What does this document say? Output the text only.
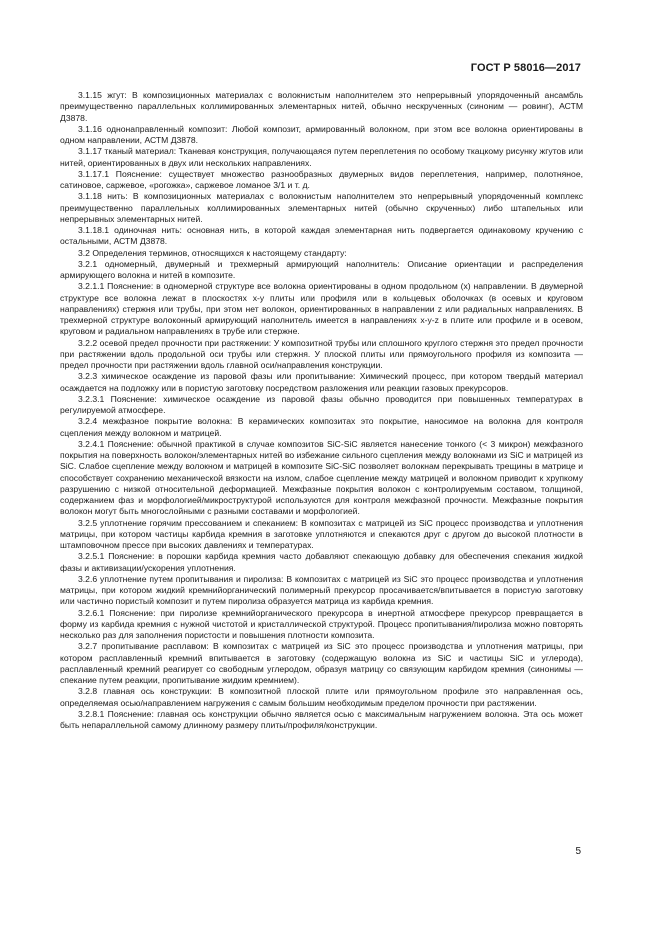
ГОСТ Р 58016—2017

3.1.15 жгут: В композиционных материалах с волокнистым наполнителем это непрерывный упорядоченный ансамбль преимущественно параллельных коллимированных элементарных нитей, обычно нескрученных (синоним — ровинг), АСТМ Д3878.

3.1.16 однонаправленный композит: Любой композит, армированный волокном, при этом все волокна ориентированы в одном направлении, АСТМ Д3878.

3.1.17 тканый материал: Тканевая конструкция, получающаяся путем переплетения по особому ткацкому рисунку жгутов или нитей, ориентированных в двух или нескольких направлениях.

3.1.17.1 Пояснение: существует множество разнообразных двумерных видов переплетения, например, полотняное, сатиновое, саржевое, «рогожка», саржевое ломаное 3/1 и т. д.

3.1.18 нить: В композиционных материалах с волокнистым наполнителем это непрерывный упорядоченный комплекс преимущественно параллельных коллимированных элементарных нитей (обычно скрученных) либо штапельных или непрерывных элементарных нитей.

3.1.18.1 одиночная нить: основная нить, в которой каждая элементарная нить подвергается одинаковому кручению с остальными, АСТМ Д3878.

3.2 Определения терминов, относящихся к настоящему стандарту:

3.2.1 одномерный, двумерный и трехмерный армирующий наполнитель: Описание ориентации и распределения армирующего волокна и нитей в композите.

3.2.1.1 Пояснение: в одномерной структуре все волокна ориентированы в одном продольном (x) направлении. В двумерной структуре все волокна лежат в плоскостях x-y плиты или профиля или в кольцевых оболочках (в осевых и круговом направлениях) стержня или трубы, при этом нет волокон, ориентированных в направлении z или радиальных направлениях. В трехмерной структуре волоконный армирующий наполнитель имеется в направлениях x-y-z в плите или профиле и в осевом, круговом и радиальном направлениях в трубе или стержне.

3.2.2 осевой предел прочности при растяжении: У композитной трубы или сплошного круглого стержня это предел прочности при растяжении вдоль продольной оси трубы или стержня. У плоской плиты или прямоугольного профиля из композита — предел прочности при растяжении вдоль главной оси/направления конструкции.

3.2.3 химическое осаждение из паровой фазы или пропитывание: Химический процесс, при котором твердый материал осаждается на подложку или в пористую заготовку посредством разложения или реакции газовых прекурсоров.

3.2.3.1 Пояснение: химическое осаждение из паровой фазы обычно проводится при повышенных температурах в регулируемой атмосфере.

3.2.4 межфазное покрытие волокна: В керамических композитах это покрытие, наносимое на волокна для контроля сцепления между волокном и матрицей.

3.2.4.1 Пояснение: обычной практикой в случае композитов SiC-SiC является нанесение тонкого (< 3 микрон) межфазного покрытия на поверхность волокон/элементарных нитей во избежание сильного сцепления между волокнами из SiC и матрицей из SiC. Слабое сцепление между волокном и матрицей в композите SiC-SiC позволяет волокнам перекрывать трещины в матрице и способствует сохранению механической вязкости на излом, слабое сцепление между матрицей и волокном приводит к хрупкому разрушению с низкой относительной деформацией. Межфазные покрытия волокон с контролируемым составом, толщиной, содержанием фаз и морфологией/микроструктурой используются для контроля межфазной прочности. Межфазные покрытия волокон могут быть многослойными с разными составами и морфологией.

3.2.5 уплотнение горячим прессованием и спеканием: В композитах с матрицей из SiC процесс производства и уплотнения матрицы, при котором частицы карбида кремния в заготовке уплотняются и спекаются друг с другом до высокой плотности в штамповочном прессе при высоких давлениях и температурах.

3.2.5.1 Пояснение: в порошки карбида кремния часто добавляют спекающую добавку для обеспечения спекания жидкой фазы и активизации/ускорения уплотнения.

3.2.6 уплотнение путем пропитывания и пиролиза: В композитах с матрицей из SiC это процесс производства и уплотнения матрицы, при котором жидкий кремнийорганический полимерный прекурсор просачивается/впитывается в пористую заготовку или частично пористый композит и путем пиролиза образуется матрица из карбида кремния.

3.2.6.1 Пояснение: при пиролизе кремнийорганического прекурсора в инертной атмосфере прекурсор превращается в форму из карбида кремния с нужной чистотой и кристаллической структурой. Процесс пропитывания/пиролиза можно повторять несколько раз для заполнения пористости и повышения плотности композита.

3.2.7 пропитывание расплавом: В композитах с матрицей из SiC это процесс производства и уплотнения матрицы, при котором расплавленный кремний впитывается в заготовку (содержащую волокна из SiC и частицы SiC и углерода), расплавленный кремний реагирует со свободным углеродом, образуя матрицу со связующим карбидом кремния (синонимы — спекание путем реакции, пропитывание жидким кремнием).

3.2.8 главная ось конструкции: В композитной плоской плите или прямоугольном профиле это направленная ось, определяемая осью/направлением нагружения с самым большим необходимым пределом прочности при растяжении.

3.2.8.1 Пояснение: главная ось конструкции обычно является осью с максимальным нагружением волокна. Эта ось может быть непараллельной самому длинному размеру плиты/профиля/конструкции.

5
